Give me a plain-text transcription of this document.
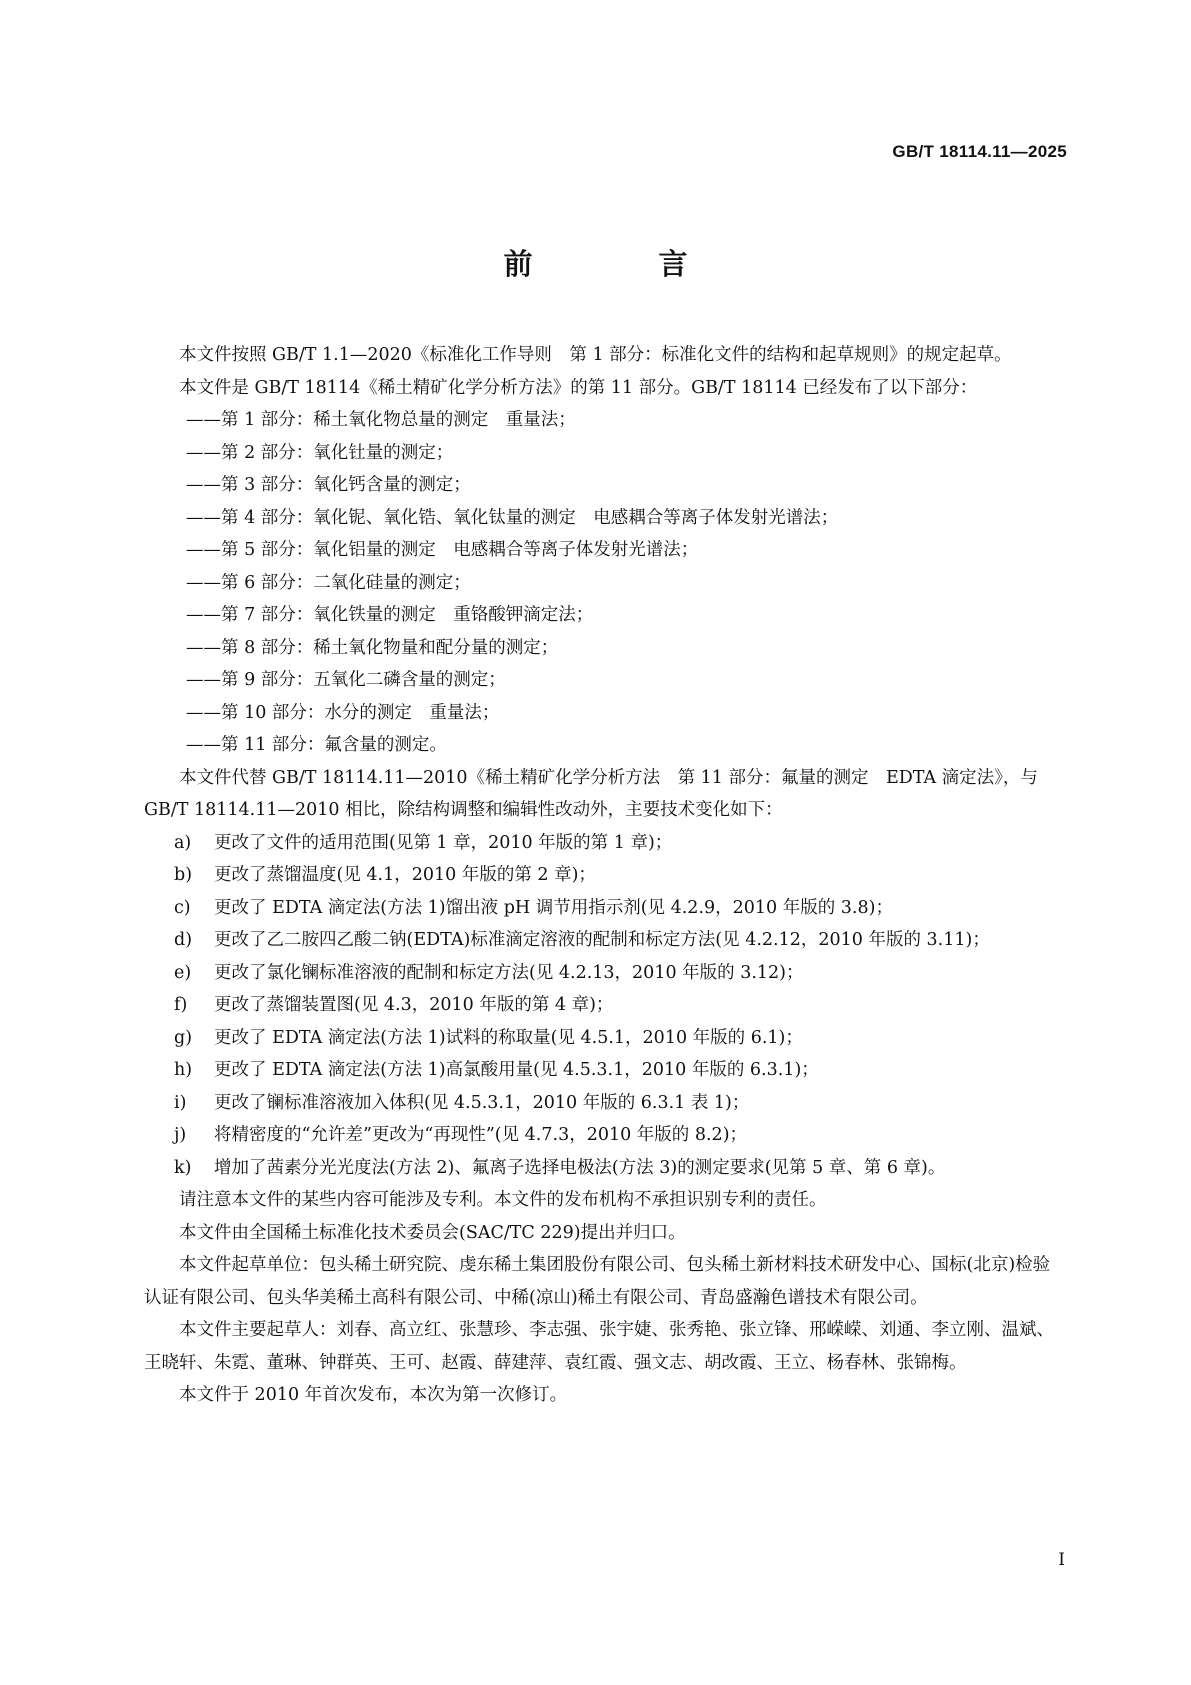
GB/T 18114.11—2025
前 言

本文件按照 GB/T 1.1—2020《标准化工作导则　第 1 部分：标准化文件的结构和起草规则》的规定起草。

本文件是 GB/T 18114《稀土精矿化学分析方法》的第 11 部分。GB/T 18114 已经发布了以下部分：

——第 1 部分：稀土氧化物总量的测定　重量法；

——第 2 部分：氧化钍量的测定；

——第 3 部分：氧化钙含量的测定；

——第 4 部分：氧化铌、氧化锆、氧化钛量的测定　电感耦合等离子体发射光谱法；

——第 5 部分：氧化铝量的测定　电感耦合等离子体发射光谱法；

——第 6 部分：二氧化硅量的测定；

——第 7 部分：氧化铁量的测定　重铬酸钾滴定法；

——第 8 部分：稀土氧化物量和配分量的测定；

——第 9 部分：五氧化二磷含量的测定；

——第 10 部分：水分的测定　重量法；

——第 11 部分：氟含量的测定。

本文件代替 GB/T 18114.11—2010《稀土精矿化学分析方法　第 11 部分：氟量的测定　EDTA 滴定法》，与 GB/T 18114.11—2010 相比，除结构调整和编辑性改动外，主要技术变化如下：

a) 更改了文件的适用范围(见第 1 章，2010 年版的第 1 章)；

b) 更改了蒸馏温度(见 4.1，2010 年版的第 2 章)；

c) 更改了 EDTA 滴定法(方法 1)馏出液 pH 调节用指示剂(见 4.2.9，2010 年版的 3.8)；

d) 更改了乙二胺四乙酸二钠(EDTA)标准滴定溶液的配制和标定方法(见 4.2.12，2010 年版的 3.11)；

e) 更改了氯化镧标准溶液的配制和标定方法(见 4.2.13，2010 年版的 3.12)；

f) 更改了蒸馏装置图(见 4.3，2010 年版的第 4 章)；

g) 更改了 EDTA 滴定法(方法 1)试料的称取量(见 4.5.1，2010 年版的 6.1)；

h) 更改了 EDTA 滴定法(方法 1)高氯酸用量(见 4.5.3.1，2010 年版的 6.3.1)；

i) 更改了镧标准溶液加入体积(见 4.5.3.1，2010 年版的 6.3.1 表 1)；

j) 将精密度的“允许差”更改为“再现性”(见 4.7.3，2010 年版的 8.2)；

k) 增加了茜素分光光度法(方法 2)、氟离子选择电极法(方法 3)的测定要求(见第 5 章、第 6 章)。

请注意本文件的某些内容可能涉及专利。本文件的发布机构不承担识别专利的责任。

本文件由全国稀土标准化技术委员会(SAC/TC 229)提出并归口。

本文件起草单位：包头稀土研究院、虔东稀土集团股份有限公司、包头稀土新材料技术研发中心、国标(北京)检验认证有限公司、包头华美稀土高科有限公司、中稀(凉山)稀土有限公司、青岛盛瀚色谱技术有限公司。

本文件主要起草人：刘春、高立红、张慧珍、李志强、张宇婕、张秀艳、张立锋、邢嵘嵘、刘通、李立刚、温斌、王晓轩、朱霓、董琳、钟群英、王可、赵霞、薛建萍、袁红霞、强文志、胡改霞、王立、杨春林、张锦梅。

本文件于 2010 年首次发布，本次为第一次修订。

I
